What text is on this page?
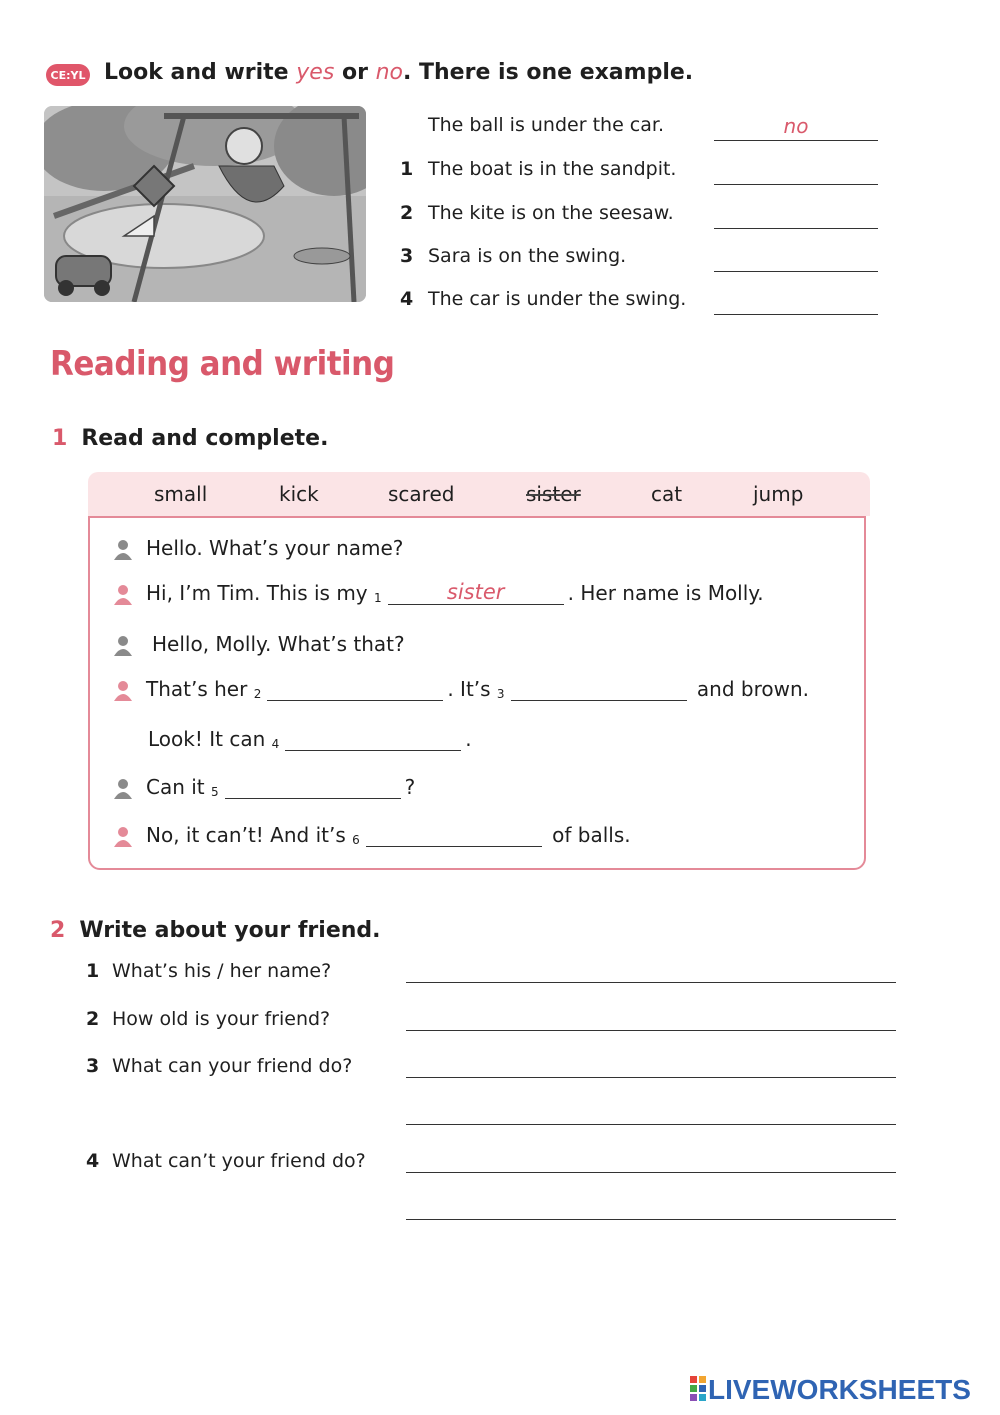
CE:YL Look and write yes or no. There is one example.
The ball is under the car.	no
1 The boat is in the sandpit.
2 The kite is on the seesaw.
3 Sara is on the swing.
4 The car is under the swing.
Reading and writing
1 Read and complete.
small	kick	scared	sister	cat	jump
Hello. What’s your name?
Hi, I’m Tim. This is my
$_1$	sister	. Her name is Molly.
Hello, Molly. What’s that?
That’s her
$_2$	. It’s
$_3$
	and brown.
Look! It can
$_4$	.
Can it
$_5$	?
No, it can’t! And it’s
$_6$
	of balls.
2 Write about your friend.
1 What’s his / her name?
2 How old is your friend?
3 What can your friend do?
4 What can’t your friend do?
LIVEWORKSHEETS
